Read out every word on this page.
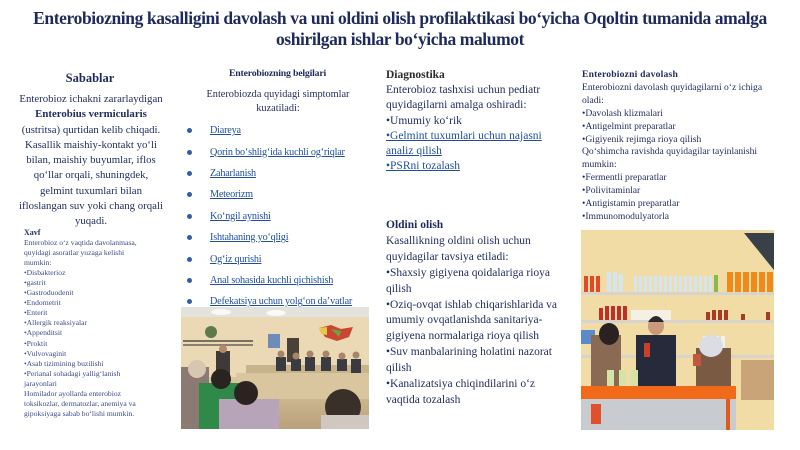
Enterobiozning kasalligini davolash va uni oldini olish profilaktikasi bo‘yicha Oqoltin tumanida amalga oshirilgan ishlar bo‘yicha malumot
Sabablar
Enterobioz ichakni zararlaydigan Enterobius vermicularis (ustritsa) qurtidan kelib chiqadi. Kasallik maishiy-kontakt yo‘li bilan, maishiy buyumlar, iflos qo‘llar orqali, shuningdek, gelmint tuxumlari bilan ifloslangan suv yoki chang orqali yuqadi.
Xavf
Enterobioz o‘z vaqtida davolanmasa, quyidagi asoratlar yuzaga kelishi mumkin:
•Disbakterioz
•gastrit
•Gastroduodenit
•Endometrit
•Enterit
•Allergik reaksiyalar
•Appenditsit
•Proktit
•Vulvovaginit
•Asab tizimining buzilishi
•Perianal sohadagi yallig‘lanish jarayonlari
Homilador ayollarda enterobioz toksikozlar, dermatozlar, anemiya va gipoksiyaga sabab bo‘lishi mumkin.
Enterobiozning belgilari
Enterobiozda quyidagi simptomlar kuzatiladi:
Diareya
Qorin bo‘shlig‘ida kuchli og‘riqlar
Zaharlanish
Meteorizm
Ko‘ngil aynishi
Ishtahaning yo‘qligi
Og‘iz qurishi
Anal sohasida kuchli qichishish
Defekatsiya uchun yolg‘on da’vatlar
Diagnostika
Enterobioz tashxisi uchun pediatr quyidagilarni amalga oshiradi:
•Umumiy ko‘rik
•Gelmint tuxumlari uchun najasni analiz qilish
•PSRni tozalash
Oldini olish
Kasallikning oldini olish uchun quyidagilar tavsiya etiladi:
•Shaxsiy gigiyena qoidalariga rioya qilish
•Oziq-ovqat ishlab chiqarishlarida va umumiy ovqatlanishda sanitariya-gigiyena normalariga rioya qilish
•Suv manbalarining holatini nazorat qilish
•Kanalizatsiya chiqindilarini o‘z vaqtida tozalash
Enterobiozni davolash
Enterobiozni davolash quyidagilarni o‘z ichiga oladi:
•Davolash klizmalari
•Antigelmint preparatlar
•Gigiyenik rejimga rioya qilish
Qo‘shimcha ravishda quyidagilar tayinlanishi mumkin:
•Fermentli preparatlar
•Polivitaminlar
•Antigistamin preparatlar
•Immunomodulyatorla
